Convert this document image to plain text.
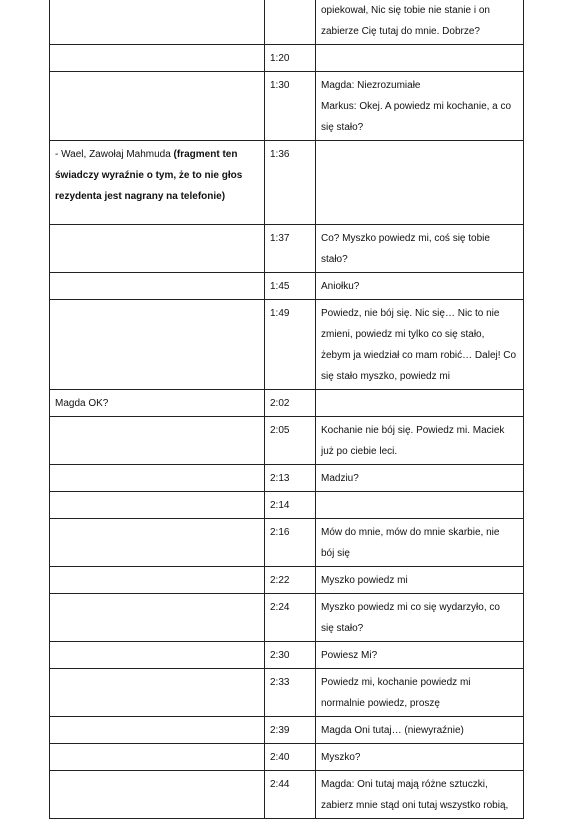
		opiekował, Nic się tobie nie stanie i on
zabierze Cię tutaj do mnie. Dobrze?
	1:20	
	1:30	Magda: Niezrozumiałe
Markus: Okej. A powiedz mi kochanie, a co
się stało?
- Wael, Zawołaj Mahmuda (fragment ten
świadczy wyraźnie o tym, że to nie głos
rezydenta jest nagrany na telefonie)	1:36	
	1:37	Co? Myszko powiedz mi, coś się tobie
stało?
	1:45	Aniołku?
	1:49	Powiedz, nie bój się. Nic się… Nic to nie
zmieni, powiedz mi tylko co się stało,
żebym ja wiedział co mam robić… Dalej! Co
się stało myszko, powiedz mi
Magda OK?	2:02	
	2:05	Kochanie nie bój się. Powiedz mi. Maciek
już po ciebie leci.
	2:13	Madziu?
	2:14	
	2:16	Mów do mnie, mów do mnie skarbie, nie
bój się
	2:22	Myszko powiedz mi
	2:24	Myszko powiedz mi co się wydarzyło, co
się stało?
	2:30	Powiesz Mi?
	2:33	Powiedz mi, kochanie powiedz mi
normalnie powiedz, proszę
	2:39	Magda Oni tutaj… (niewyraźnie)
	2:40	Myszko?
	2:44	Magda: Oni tutaj mają różne sztuczki,
zabierz mnie stąd oni tutaj wszystko robią,
